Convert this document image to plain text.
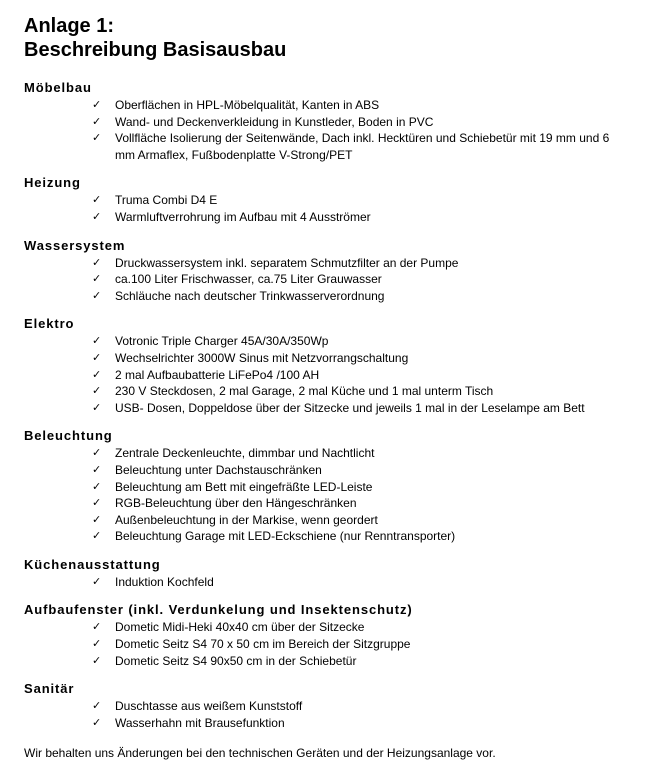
Anlage 1:
Beschreibung Basisausbau
Möbelbau
✓ Oberflächen in HPL-Möbelqualität, Kanten in ABS
✓ Wand- und Deckenverkleidung in Kunstleder, Boden in PVC
✓ Vollfläche Isolierung der Seitenwände, Dach inkl. Hecktüren und Schiebetür mit 19 mm und 6 mm Armaflex, Fußbodenplatte V-Strong/PET
Heizung
✓ Truma Combi D4 E
✓ Warmluftverrohrung im Aufbau mit 4 Ausströmer
Wassersystem
✓ Druckwassersystem inkl. separatem Schmutzfilter an der Pumpe
✓ ca.100 Liter Frischwasser, ca.75 Liter Grauwasser
✓ Schläuche nach deutscher Trinkwasserverordnung
Elektro
✓ Votronic Triple Charger 45A/30A/350Wp
✓ Wechselrichter 3000W Sinus mit Netzvorrangschaltung
✓ 2 mal Aufbaubatterie LiFePo4 /100 AH
✓ 230 V Steckdosen, 2 mal Garage, 2 mal Küche und 1 mal unterm Tisch
✓ USB- Dosen, Doppeldose über der Sitzecke und jeweils 1 mal in der Leselampe am Bett
Beleuchtung
✓ Zentrale Deckenleuchte, dimmbar und Nachtlicht
✓ Beleuchtung unter Dachstauschränken
✓ Beleuchtung am Bett mit eingefräßte LED-Leiste
✓ RGB-Beleuchtung über den Hängeschränken
✓ Außenbeleuchtung in der Markise, wenn geordert
✓ Beleuchtung Garage mit LED-Eckschiene (nur Renntransporter)
Küchenausstattung
✓ Induktion Kochfeld
Aufbaufenster (inkl. Verdunkelung und Insektenschutz)
✓ Dometic Midi-Heki 40x40 cm über der Sitzecke
✓ Dometic Seitz S4 70 x 50 cm im Bereich der Sitzgruppe
✓ Dometic Seitz S4 90x50 cm in der Schiebetür
Sanitär
✓ Duschtasse aus weißem Kunststoff
✓ Wasserhahn mit Brausefunktion
Wir behalten uns Änderungen bei den technischen Geräten und der Heizungsanlage vor.
